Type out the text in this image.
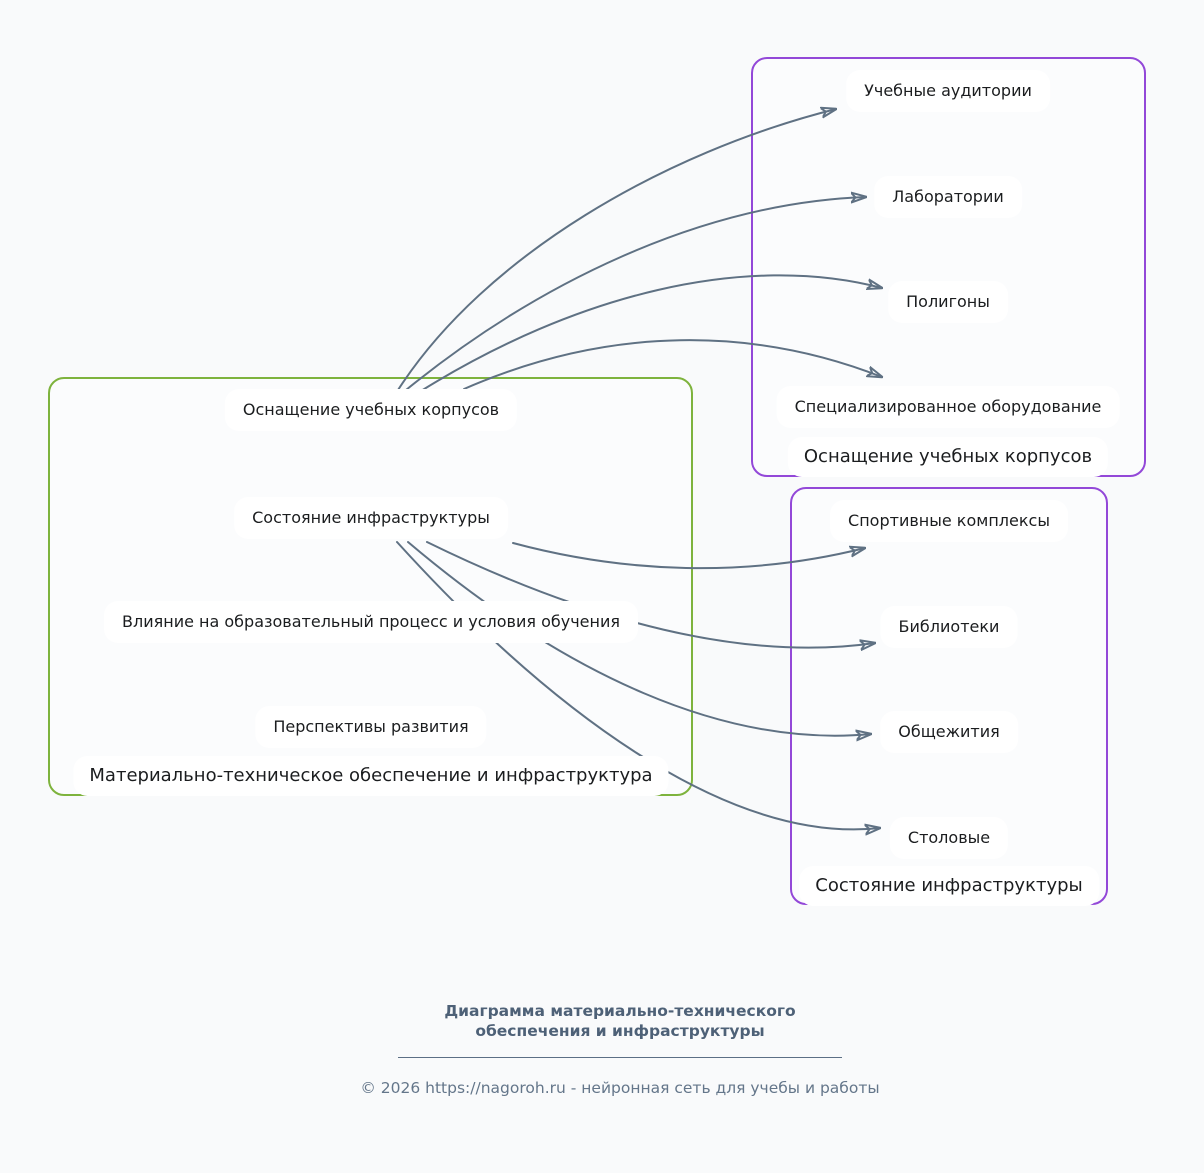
Оснащение учебных корпусов
Состояние инфраструктуры
Влияние на образовательный процесс и условия обучения
Перспективы развития
Материально-техническое обеспечение и инфраструктура
Учебные аудитории
Лаборатории
Полигоны
Специализированное оборудование
Оснащение учебных корпусов
Спортивные комплексы
Библиотеки
Общежития
Столовые
Состояние инфраструктуры
Диаграмма материально-технического
обеспечения и инфраструктуры
© 2026 https://nagoroh.ru - нейронная сеть для учебы и работы
